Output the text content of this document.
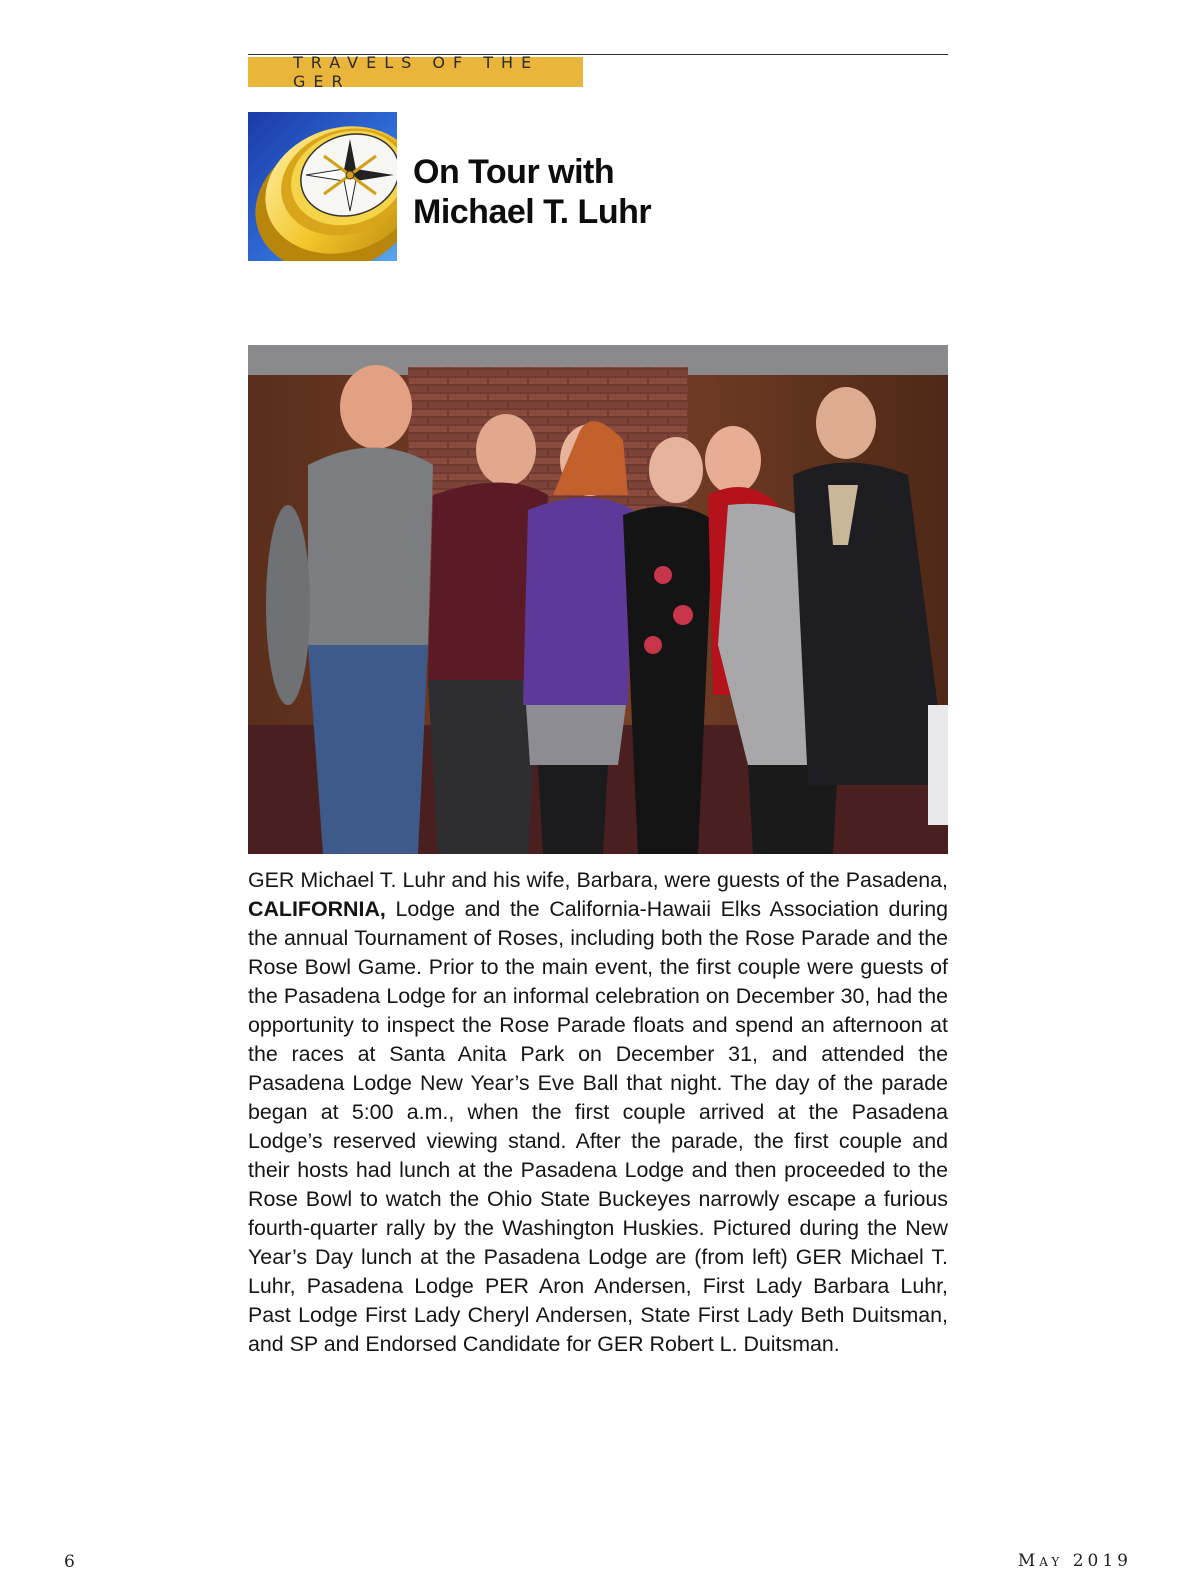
TRAVELS OF THE GER
On Tour with
Michael T. Luhr
GER Michael T. Luhr and his wife, Barbara, were guests of the Pasadena, CALIFORNIA, Lodge and the California-Hawaii Elks Association during the annual Tournament of Roses, including both the Rose Parade and the Rose Bowl Game. Prior to the main event, the first couple were guests of the Pasadena Lodge for an informal celebration on December 30, had the opportunity to inspect the Rose Parade floats and spend an afternoon at the races at Santa Anita Park on December 31, and attended the Pasadena Lodge New Year’s Eve Ball that night. The day of the parade began at 5:00 a.m., when the first couple arrived at the Pasadena Lodge’s reserved viewing stand. After the parade, the first couple and their hosts had lunch at the Pasadena Lodge and then proceeded to the Rose Bowl to watch the Ohio State Buckeyes narrowly escape a furious fourth-quarter rally by the Washington Huskies. Pictured during the New Year’s Day lunch at the Pasadena Lodge are (from left) GER Michael T. Luhr, Pasadena Lodge PER Aron Andersen, First Lady Barbara Luhr, Past Lodge First Lady Cheryl Andersen, State First Lady Beth Duitsman, and SP and Endorsed Candidate for GER Robert L. Duitsman.
6	May 2019
